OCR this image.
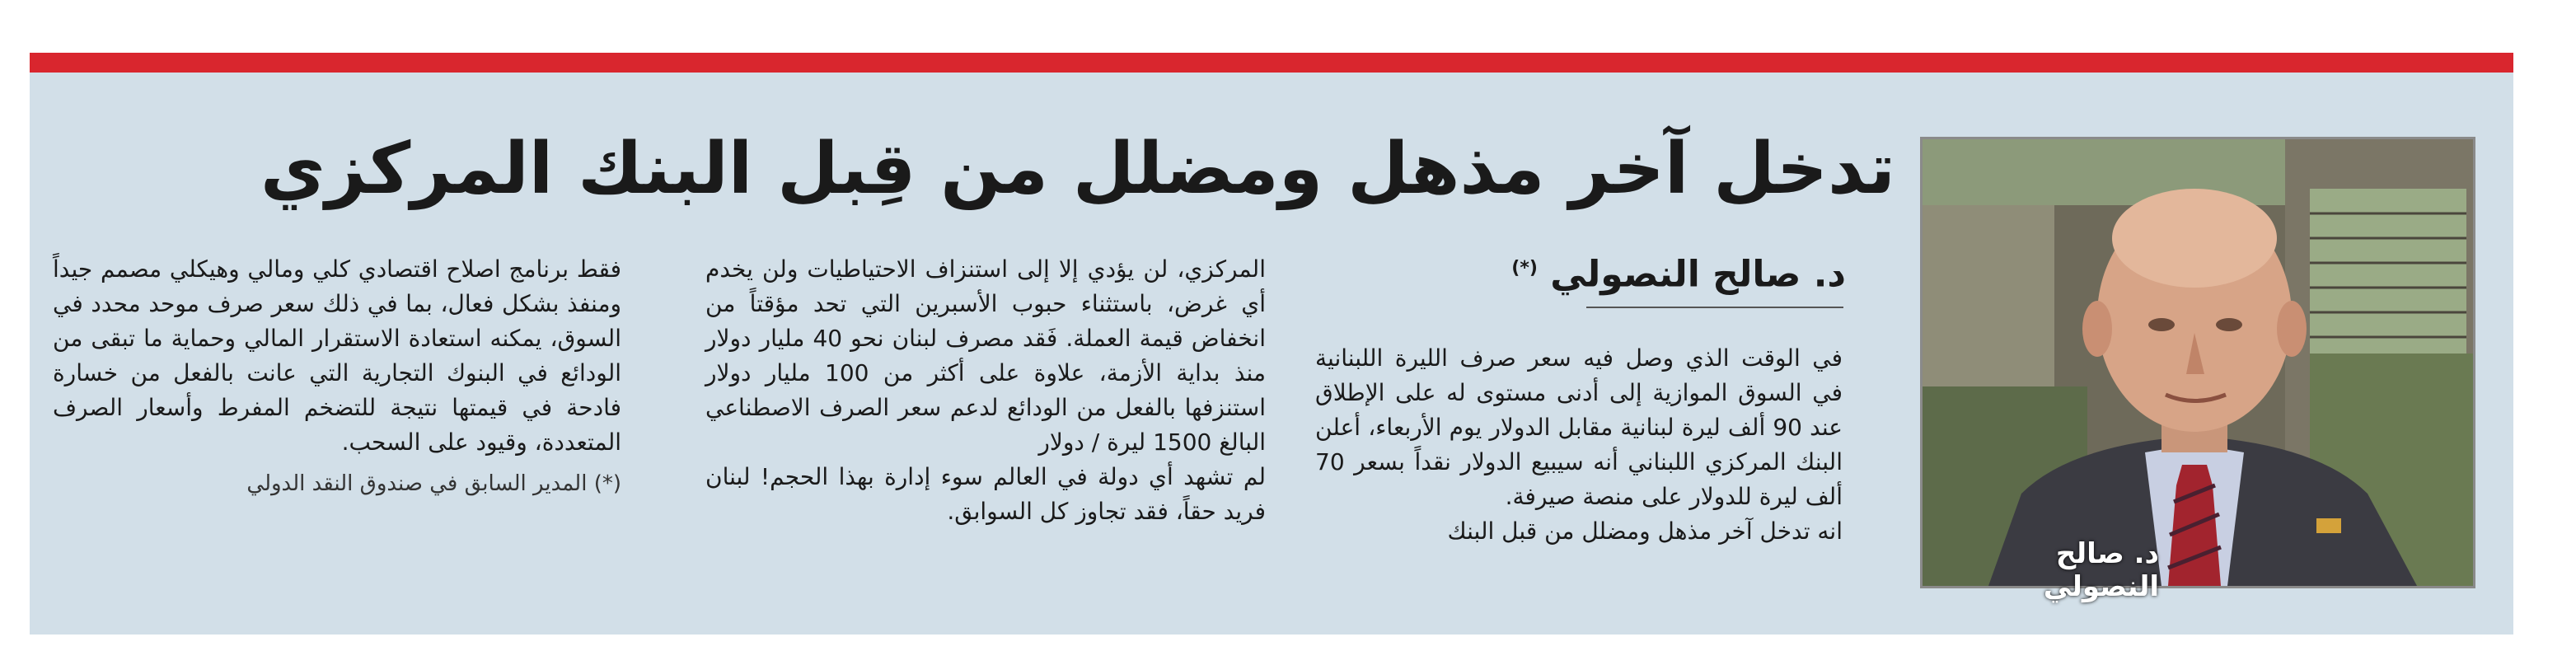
د. صالح النصولي
تدخل آخر مذهل ومضلل من قِبل البنك المركزي
د. صالح النصولي (*)

في الوقت الذي وصل فيه سعر صرف الليرة اللبنانية في السوق الموازية إلى أدنى مستوى له على الإطلاق عند 90 ألف ليرة لبنانية مقابل الدولار يوم الأربعاء، أعلن البنك المركزي اللبناني أنه سيبيع الدولار نقداً بسعر 70 ألف ليرة للدولار على منصة صيرفة.

انه تدخل آخر مذهل ومضلل من قبل البنك

المركزي، لن يؤدي إلا إلى استنزاف الاحتياطيات ولن يخدم أي غرض، باستثناء حبوب الأسبرين التي تحد مؤقتاً من انخفاض قيمة العملة. فَقد مصرف لبنان نحو 40 مليار دولار منذ بداية الأزمة، علاوة على أكثر من 100 مليار دولار استنزفها بالفعل من الودائع لدعم سعر الصرف الاصطناعي البالغ 1500 ليرة / دولار

لم تشهد أي دولة في العالم سوء إدارة بهذا الحجم! لبنان فريد حقاً، فقد تجاوز كل السوابق.

فقط برنامج اصلاح اقتصادي كلي ومالي وهيكلي مصمم جيداً ومنفذ بشكل فعال، بما في ذلك سعر صرف موحد محدد في السوق، يمكنه استعادة الاستقرار المالي وحماية ما تبقى من الودائع في البنوك التجارية التي عانت بالفعل من خسارة فادحة في قيمتها نتيجة للتضخم المفرط وأسعار الصرف المتعددة، وقيود على السحب.

(*) المدير السابق في صندوق النقد الدولي
